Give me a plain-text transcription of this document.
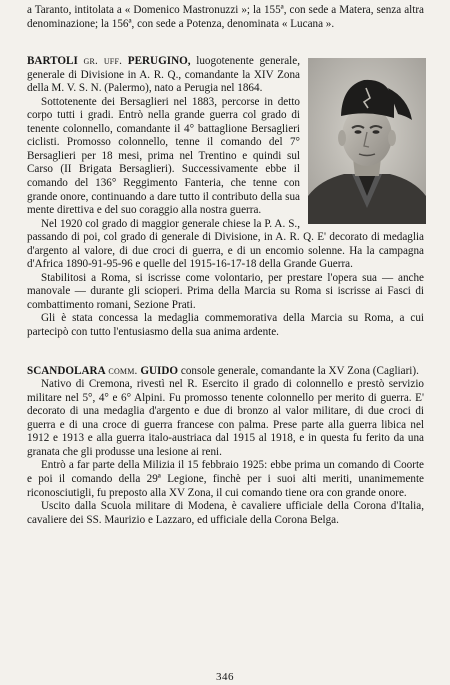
a Taranto, intitolata a « Domenico Mastronuzzi »; la 155ª, con sede a Matera, senza altra denominazione; la 156ª, con sede a Potenza, denominata « Lucana ».

BARTOLI gr. uff. PERUGINO, luogotenente generale, generale di Divisione in A. R. Q., comandante la XIV Zona della M. V. S. N. (Palermo), nato a Perugia nel 1864.

Sottotenente dei Bersaglieri nel 1883, percorse in detto corpo tutti i gradi. Entrò nella grande guerra col grado di tenente colonnello, comandante il 4° battaglione Bersaglieri ciclisti. Promosso colonnello, tenne il comando del 7° Bersaglieri per 18 mesi, prima nel Trentino e quindi sul Carso (II Brigata Bersaglieri). Successivamente ebbe il comando del 136° Reggimento Fanteria, che tenne con grande onore, continuando a dare tutto il contributo della sua mente direttiva e del suo coraggio alla nostra guerra.

Nel 1920 col grado di maggior generale chiese la P. A. S., passando di poi, col grado di generale di Divisione, in A. R. Q. E' decorato di medaglia d'argento al valore, di due croci di guerra, e di un encomio solenne. Ha la campagna d'Africa 1890-91-95-96 e quelle del 1915-16-17-18 della Grande Guerra.

Stabilitosi a Roma, si iscrisse come volontario, per prestare l'opera sua — anche manovale — durante gli scioperi. Prima della Marcia su Roma si iscrisse ai Fasci di combattimento romani, Sezione Prati.

Gli è stata concessa la medaglia commemorativa della Marcia su Roma, a cui partecipò con tutto l'entusiasmo della sua anima ardente.

SCANDOLARA comm. GUIDO console generale, comandante la XV Zona (Cagliari).

Nativo di Cremona, rivestì nel R. Esercito il grado di colonnello e prestò servizio militare nel 5°, 4° e 6° Alpini. Fu promosso tenente colonnello per merito di guerra. E' decorato di una medaglia d'argento e due di bronzo al valor militare, di due croci di guerra e di una croce di guerra francese con palma. Prese parte alla guerra libica nel 1912 e 1913 e alla guerra italo-austriaca dal 1915 al 1918, e in questa fu ferito da una granata che gli produsse una lesione ai reni.

Entrò a far parte della Milizia il 15 febbraio 1925: ebbe prima un comando di Coorte e poi il comando della 29ª Legione, finchè per i suoi alti meriti, unanimemente riconosciutigli, fu preposto alla XV Zona, il cui comando tiene ora con grande onore.

Uscito dalla Scuola militare di Modena, è cavaliere ufficiale della Corona d'Italia, cavaliere dei SS. Maurizio e Lazzaro, ed ufficiale della Corona Belga.

346
